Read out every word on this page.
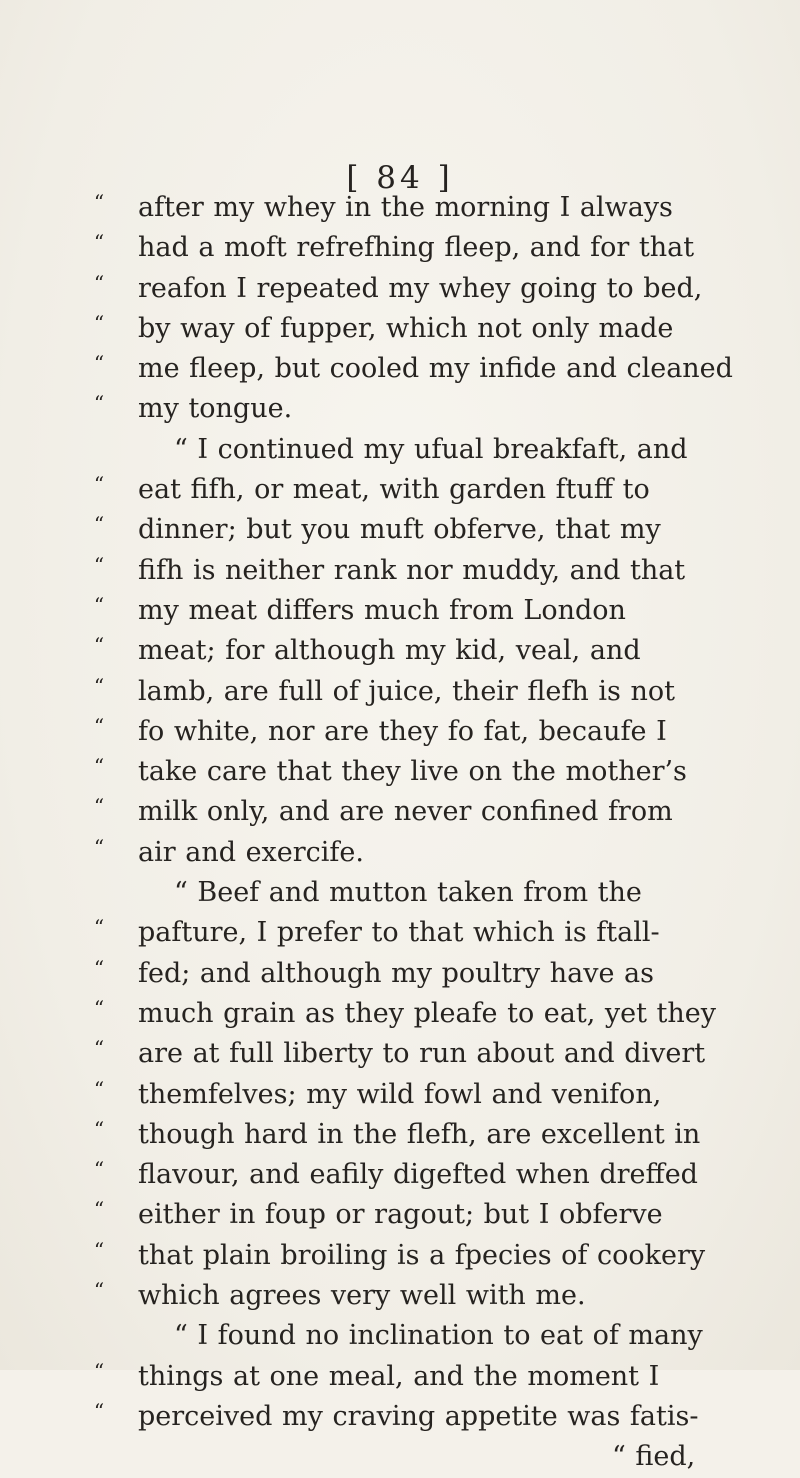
[ 84 ]
“	after my whey in the morning I always
“	had a moft refrefhing fleep, and for that
“	reafon I repeated my whey going to bed,
“	by way of fupper, which not only made
“	me fleep, but cooled my infide and cleaned
“	my tongue.
“ I continued my ufual breakfaft, and
“	eat fifh, or meat, with garden ftuff to
“	dinner; but you muft obferve, that my
“	fifh is neither rank nor muddy, and that
“	my meat differs much from London
“	meat; for although my kid, veal, and
“	lamb, are full of juice, their flefh is not
“	fo white, nor are they fo fat, becaufe I
“	take care that they live on the mother’s
“	milk only, and are never confined from
“	air and exercife.
“ Beef and mutton taken from the
“	pafture, I prefer to that which is ftall-
“	fed; and although my poultry have as
“	much grain as they pleafe to eat, yet they
“	are at full liberty to run about and divert
“	themfelves; my wild fowl and venifon,
“	though hard in the flefh, are excellent in
“	flavour, and eafily digefted when dreffed
“	either in foup or ragout; but I obferve
“	that plain broiling is a fpecies of cookery
“	which agrees very well with me.
“ I found no inclination to eat of many
“	things at one meal, and the moment I
“	perceived my craving appetite was fatis-
“ fied,
